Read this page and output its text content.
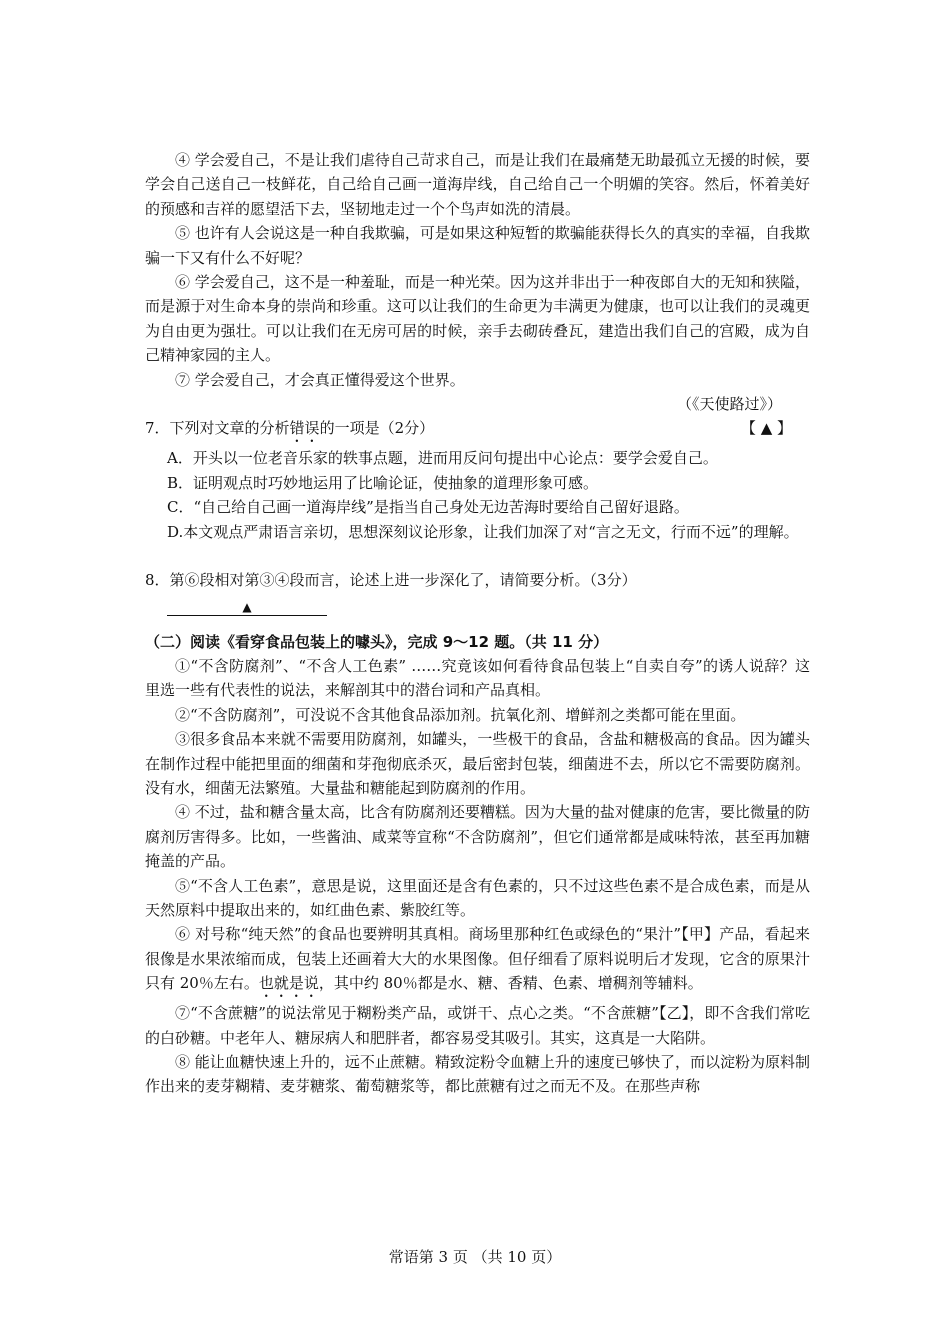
④ 学会爱自己，不是让我们虐待自己苛求自己，而是让我们在最痛楚无助最孤立无援的时候，要学会自己送自己一枝鲜花，自己给自己画一道海岸线，自己给自己一个明媚的笑容。然后，怀着美好的预感和吉祥的愿望活下去，坚韧地走过一个个鸟声如洗的清晨。

⑤ 也许有人会说这是一种自我欺骗，可是如果这种短暂的欺骗能获得长久的真实的幸福，自我欺骗一下又有什么不好呢？

⑥ 学会爱自己，这不是一种羞耻，而是一种光荣。因为这并非出于一种夜郎自大的无知和狭隘，而是源于对生命本身的崇尚和珍重。这可以让我们的生命更为丰满更为健康，也可以让我们的灵魂更为自由更为强壮。可以让我们在无房可居的时候，亲手去砌砖叠瓦，建造出我们自己的宫殿，成为自己精神家园的主人。

⑦ 学会爱自己，才会真正懂得爱这个世界。

（《天使路过》）

7．下列对文章的分析错误的一项是（2分）	【 ▲ 】

A．开头以一位老音乐家的轶事点题，进而用反问句提出中心论点：要学会爱自己。

B．证明观点时巧妙地运用了比喻论证，使抽象的道理形象可感。

C．“自己给自己画一道海岸线”是指当自己身处无边苦海时要给自己留好退路。

D.本文观点严肃语言亲切，思想深刻议论形象，让我们加深了对“言之无文，行而不远”的理解。

8．第⑥段相对第③④段而言，论述上进一步深化了，请简要分析。（3分）

▲

（二）阅读《看穿食品包装上的噱头》，完成 9～12 题。（共 11 分）

①“不含防腐剂”、“不含人工色素” ……究竟该如何看待食品包装上“自卖自夸”的诱人说辞？这里选一些有代表性的说法，来解剖其中的潜台词和产品真相。

②“不含防腐剂”，可没说不含其他食品添加剂。抗氧化剂、增鲜剂之类都可能在里面。

③很多食品本来就不需要用防腐剂，如罐头，一些极干的食品，含盐和糖极高的食品。因为罐头在制作过程中能把里面的细菌和芽孢彻底杀灭，最后密封包装，细菌进不去，所以它不需要防腐剂。没有水，细菌无法繁殖。大量盐和糖能起到防腐剂的作用。

④ 不过，盐和糖含量太高，比含有防腐剂还要糟糕。因为大量的盐对健康的危害，要比微量的防腐剂厉害得多。比如，一些酱油、咸菜等宣称“不含防腐剂”，但它们通常都是咸味特浓，甚至再加糖掩盖的产品。

⑤“不含人工色素”，意思是说，这里面还是含有色素的，只不过这些色素不是合成色素，而是从天然原料中提取出来的，如红曲色素、紫胶红等。

⑥ 对号称“纯天然”的食品也要辨明其真相。商场里那种红色或绿色的“果汁”【甲】产品，看起来很像是水果浓缩而成，包装上还画着大大的水果图像。但仔细看了原料说明后才发现，它含的原果汁只有 20％左右。也就是说，其中约 80％都是水、糖、香精、色素、增稠剂等辅料。

⑦“不含蔗糖”的说法常见于糊粉类产品，或饼干、点心之类。“不含蔗糖”【乙】，即不含我们常吃的白砂糖。中老年人、糖尿病人和肥胖者，都容易受其吸引。其实，这真是一大陷阱。

⑧ 能让血糖快速上升的，远不止蔗糖。精致淀粉令血糖上升的速度已够快了，而以淀粉为原料制作出来的麦芽糊精、麦芽糖浆、葡萄糖浆等，都比蔗糖有过之而无不及。在那些声称

常语第 3 页 （共 10 页）
